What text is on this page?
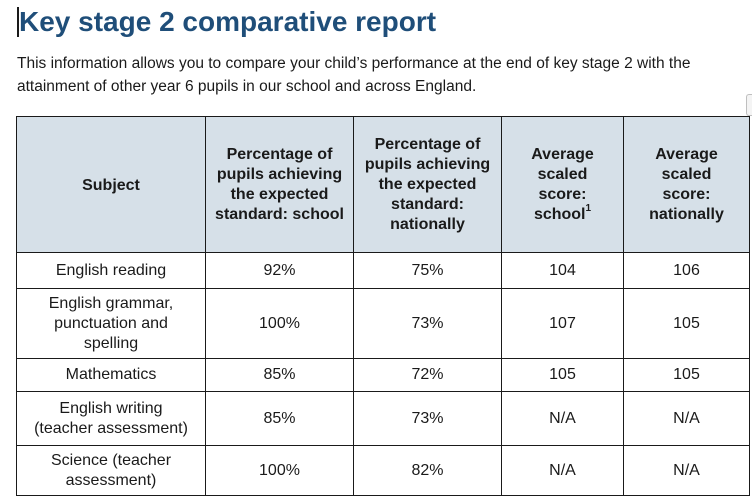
Key stage 2 comparative report

This information allows you to compare your child’s performance at the end of key stage 2 with the attainment of other year 6 pupils in our school and across England.

Subject	Percentage of pupils achieving the expected standard: school	Percentage of pupils achieving the expected standard: nationally	Average scaled score: school$^1$	Average scaled score: nationally
English reading	92%	75%	104	106
English grammar, punctuation and spelling	100%	73%	107	105
Mathematics	85%	72%	105	105
English writing (teacher assessment)	85%	73%	N/A	N/A
Science (teacher assessment)	100%	82%	N/A	N/A
